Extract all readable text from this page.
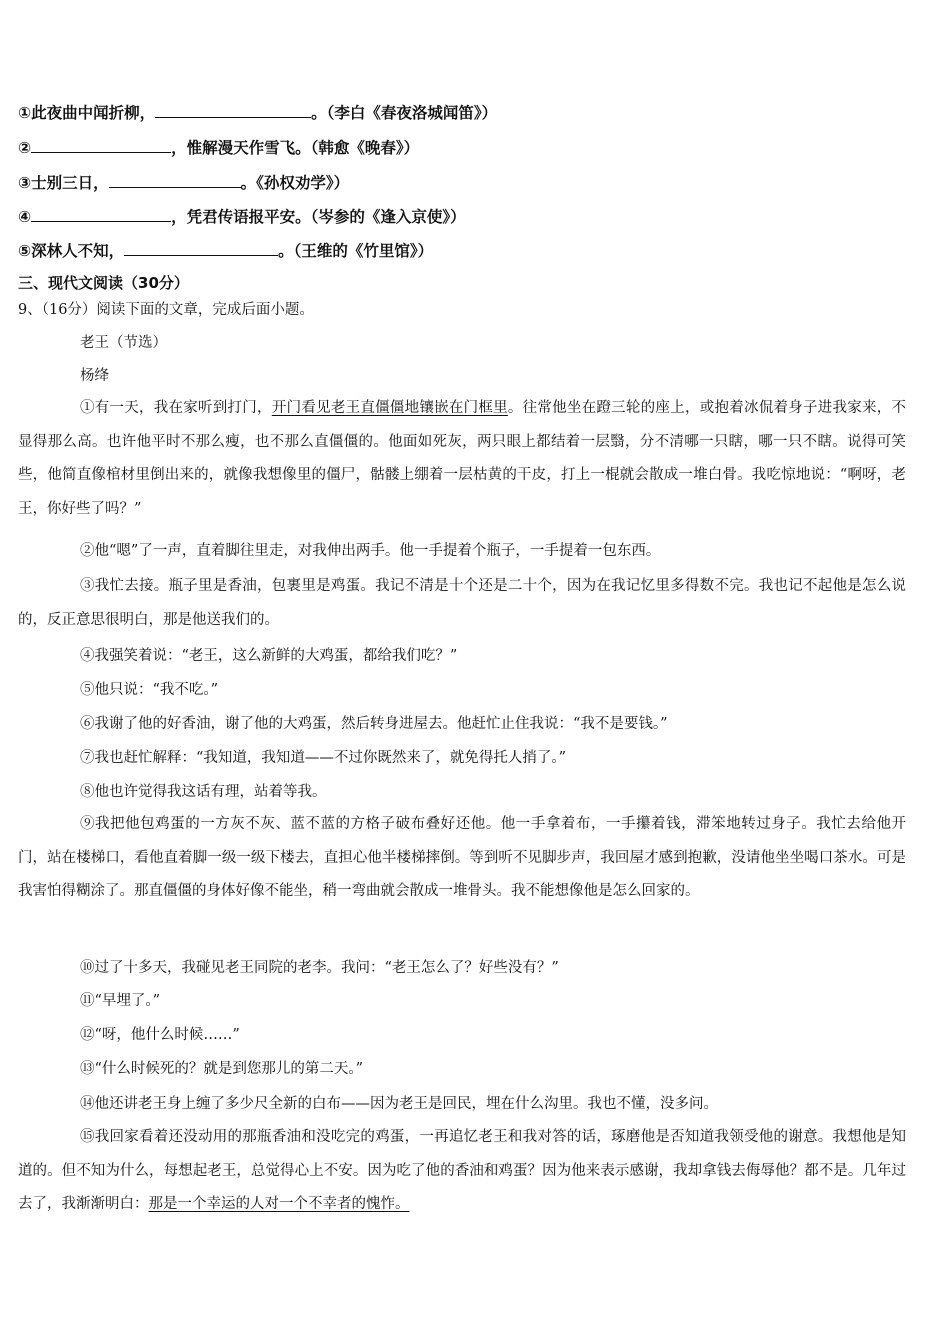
①此夜曲中闻折柳，	。（李白《春夜洛城闻笛》）
②	，惟解漫天作雪飞。（韩愈《晚春》）
③士别三日，	。《孙权劝学》）
④	，凭君传语报平安。（岑参的《逢入京使》）
⑤深林人不知，	。（王维的《竹里馆》）
三、现代文阅读（30分）
9、（16分）阅读下面的文章，完成后面小题。
老王（节选）
杨绛

①有一天，我在家听到打门，开门看见老王直僵僵地镶嵌在门框里。往常他坐在蹬三轮的座上，或抱着冰侃着身子进我家来，不显得那么高。也许他平时不那么瘦，也不那么直僵僵的。他面如死灰，两只眼上都结着一层翳，分不清哪一只瞎，哪一只不瞎。说得可笑些，他简直像棺材里倒出来的，就像我想像里的僵尸，骷髅上绷着一层枯黄的干皮，打上一棍就会散成一堆白骨。我吃惊地说：“啊呀，老王，你好些了吗？”

②他“嗯”了一声，直着脚往里走，对我伸出两手。他一手提着个瓶子，一手提着一包东西。

③我忙去接。瓶子里是香油，包裹里是鸡蛋。我记不清是十个还是二十个，因为在我记忆里多得数不完。我也记不起他是怎么说的，反正意思很明白，那是他送我们的。

④我强笑着说：“老王，这么新鲜的大鸡蛋，都给我们吃？”

⑤他只说：“我不吃。”

⑥我谢了他的好香油，谢了他的大鸡蛋，然后转身进屋去。他赶忙止住我说：“我不是要钱。”

⑦我也赶忙解释：“我知道，我知道——不过你既然来了，就免得托人捎了。”

⑧他也许觉得我这话有理，站着等我。

⑨我把他包鸡蛋的一方灰不灰、蓝不蓝的方格子破布叠好还他。他一手拿着布，一手攥着钱，滞笨地转过身子。我忙去给他开门，站在楼梯口，看他直着脚一级一级下楼去，直担心他半楼梯摔倒。等到听不见脚步声，我回屋才感到抱歉，没请他坐坐喝口茶水。可是我害怕得糊涂了。那直僵僵的身体好像不能坐，稍一弯曲就会散成一堆骨头。我不能想像他是怎么回家的。

⑩过了十多天，我碰见老王同院的老李。我问：“老王怎么了？好些没有？”

⑪“早埋了。”

⑫“呀，他什么时候……”

⑬“什么时候死的？就是到您那儿的第二天。”

⑭他还讲老王身上缠了多少尺全新的白布——因为老王是回民，埋在什么沟里。我也不懂，没多问。

⑮我回家看着还没动用的那瓶香油和没吃完的鸡蛋，一再追忆老王和我对答的话，琢磨他是否知道我领受他的谢意。我想他是知道的。但不知为什么，每想起老王，总觉得心上不安。因为吃了他的香油和鸡蛋？因为他来表示感谢，我却拿钱去侮辱他？都不是。几年过去了，我渐渐明白：那是一个幸运的人对一个不幸者的愧怍。
